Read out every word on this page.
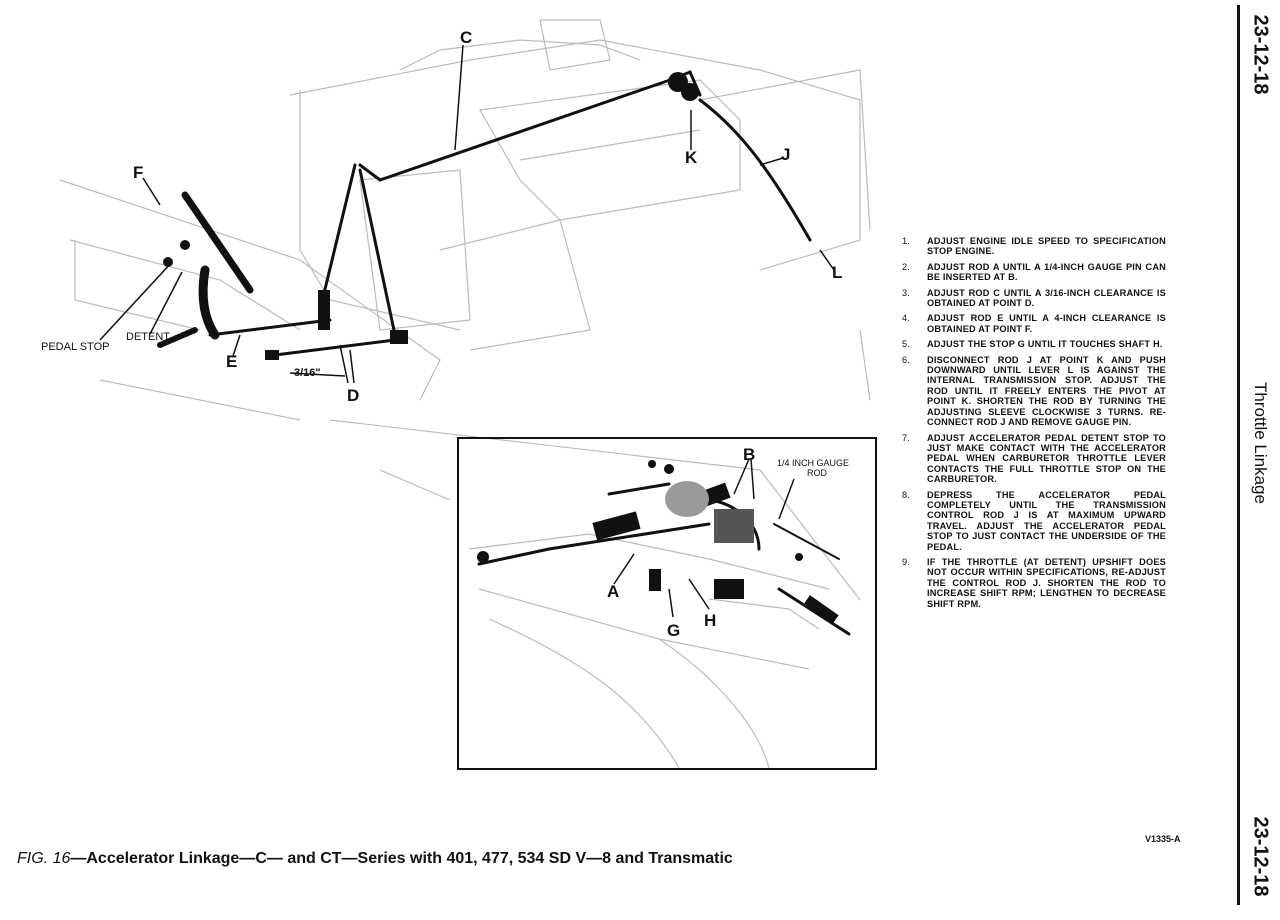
C
F
K	J
L
E
D
PEDAL STOP
DETENT
3/16"
B
A
G
H
1/4 INCH GAUGE
ROD
1. ADJUST ENGINE IDLE SPEED TO SPECIFICATION STOP ENGINE.
2. ADJUST ROD A UNTIL A 1/4-INCH GAUGE PIN CAN BE INSERTED AT B.
3. ADJUST ROD C UNTIL A 3/16-INCH CLEARANCE IS OBTAINED AT POINT D.
4. ADJUST ROD E UNTIL A 4-INCH CLEARANCE IS OBTAINED AT POINT F.
5. ADJUST THE STOP G UNTIL IT TOUCHES SHAFT H.
6. DISCONNECT ROD J AT POINT K AND PUSH DOWNWARD UNTIL LEVER L IS AGAINST THE INTERNAL TRANSMISSION STOP. ADJUST THE ROD UNTIL IT FREELY ENTERS THE PIVOT AT POINT K. SHORTEN THE ROD BY TURNING THE ADJUSTING SLEEVE CLOCKWISE 3 TURNS. RE-CONNECT ROD J AND REMOVE GAUGE PIN.
7. ADJUST ACCELERATOR PEDAL DETENT STOP TO JUST MAKE CONTACT WITH THE ACCELERATOR PEDAL WHEN CARBURETOR THROTTLE LEVER CONTACTS THE FULL THROTTLE STOP ON THE CARBURETOR.
8. DEPRESS THE ACCELERATOR PEDAL COMPLETELY UNTIL THE TRANSMISSION CONTROL ROD J IS AT MAXIMUM UPWARD TRAVEL. ADJUST THE ACCELERATOR PEDAL STOP TO JUST CONTACT THE UNDERSIDE OF THE PEDAL.
9. IF THE THROTTLE (AT DETENT) UPSHIFT DOES NOT OCCUR WITHIN SPECIFICATIONS, RE-ADJUST THE CONTROL ROD J. SHORTEN THE ROD TO INCREASE SHIFT RPM; LENGTHEN TO DECREASE SHIFT RPM.
23-12-18
Throttle Linkage
23-12-18
V1335-A
FIG. 16—Accelerator Linkage—C— and CT—Series with 401, 477, 534 SD V—8 and Transmatic
